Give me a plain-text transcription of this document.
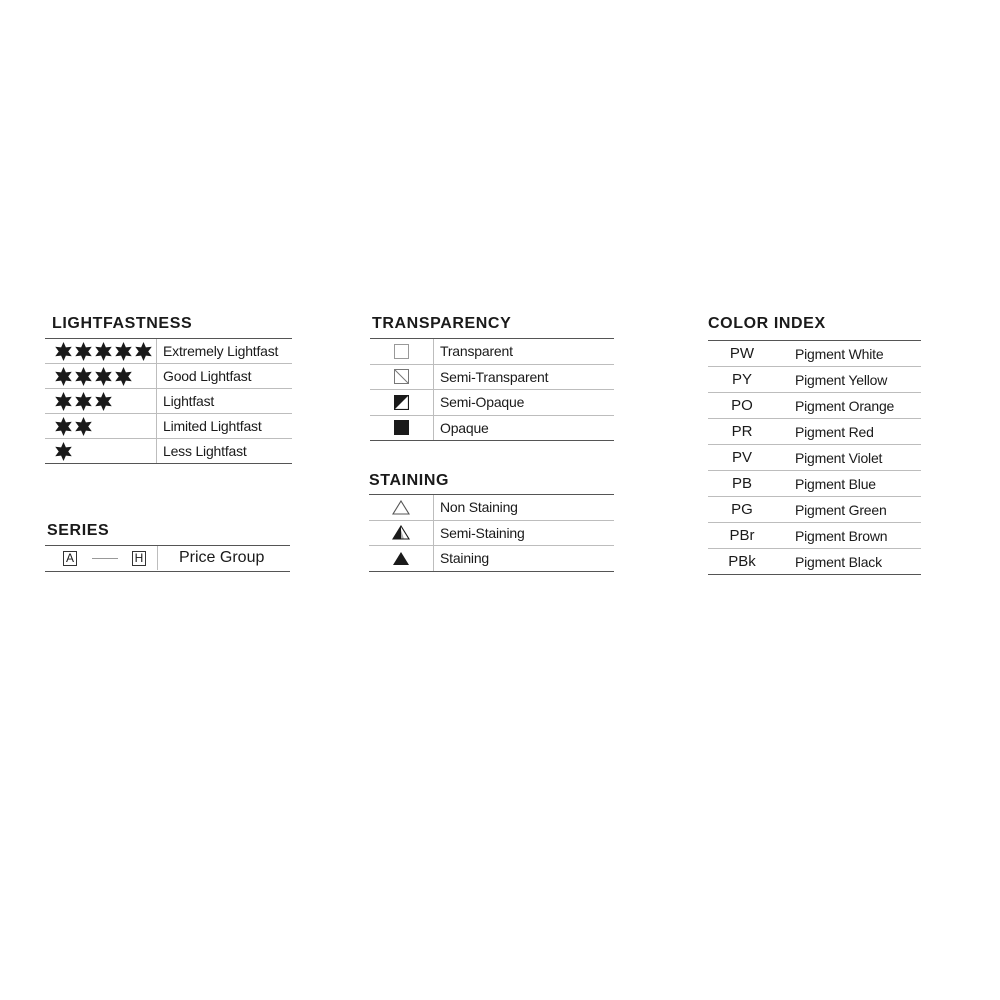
LIGHTFASTNESS
Extremely Lightfast
Good Lightfast
Lightfast
Limited Lightfast
Less Lightfast
SERIES
A	H Price Group
TRANSPARENCY
Transparent
Semi-Transparent
Semi-Opaque
Opaque
STAINING
Non Staining
Semi-Staining
Staining
COLOR INDEX
PW	Pigment White
PY	Pigment Yellow
PO	Pigment Orange
PR	Pigment Red
PV	Pigment Violet
PB	Pigment Blue
PG	Pigment Green
PBr	Pigment Brown
PBk	Pigment Black
